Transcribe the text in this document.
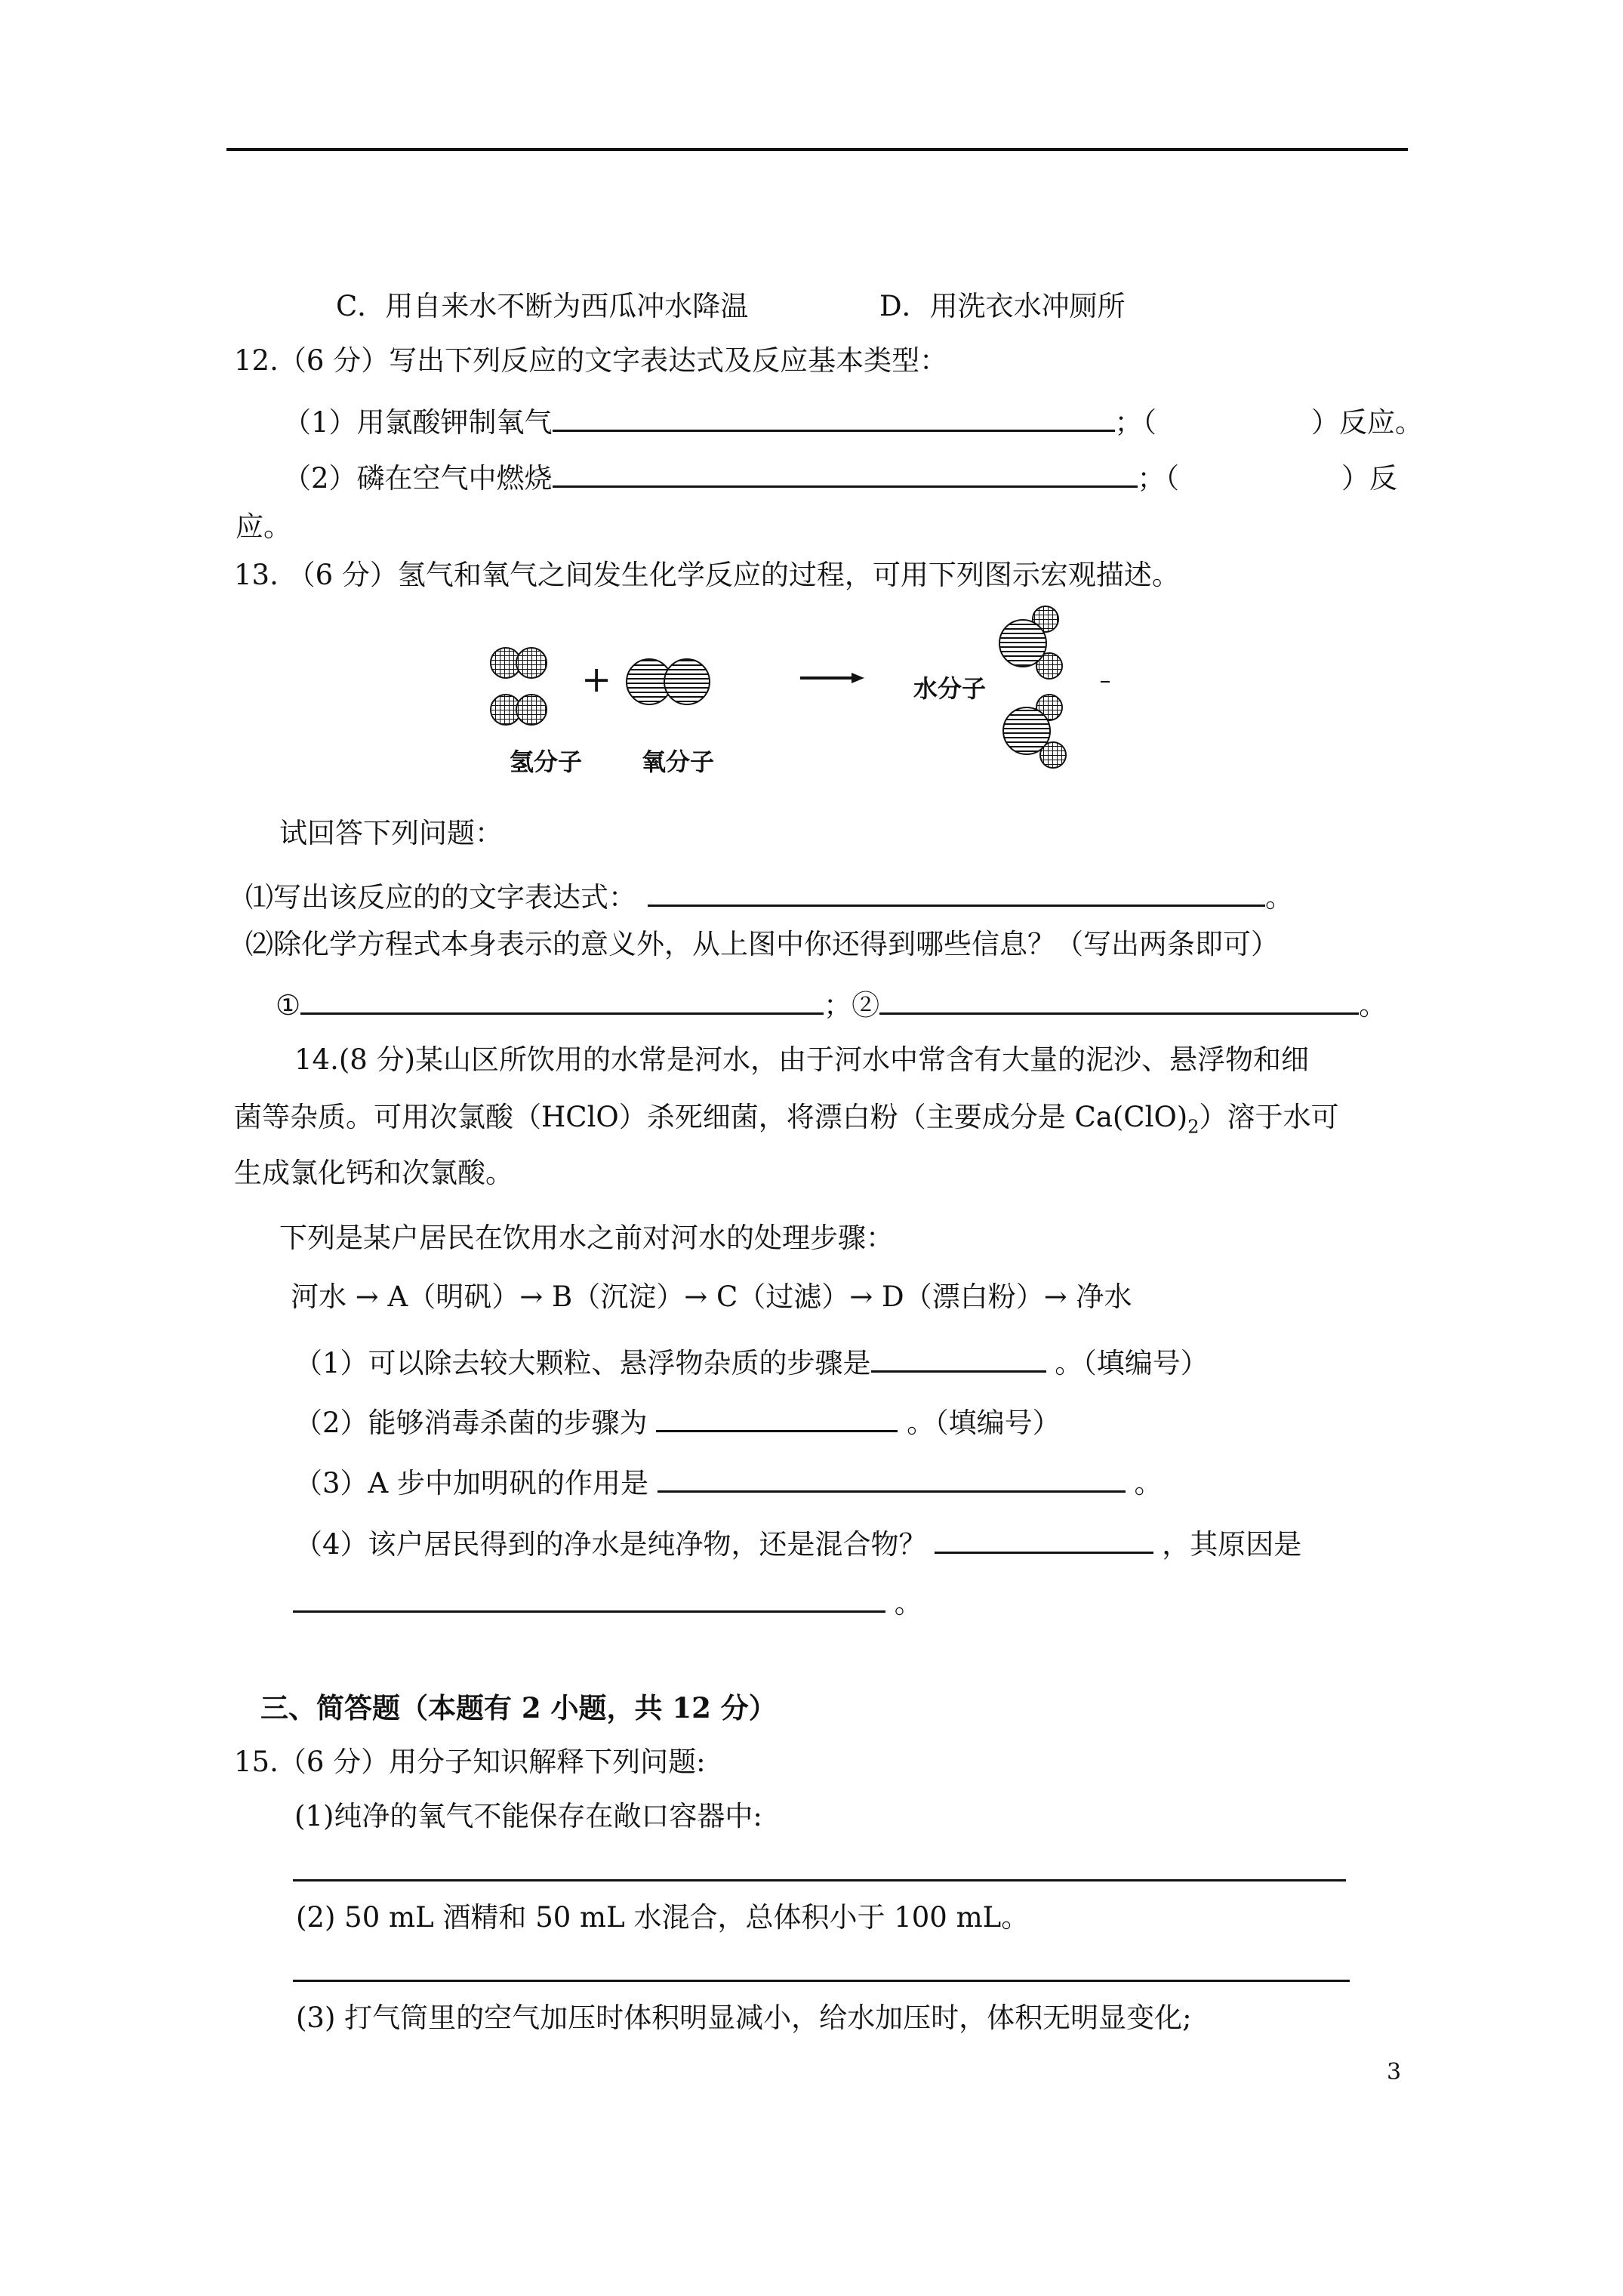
C．用自来水不断为西瓜冲水降温	D．用洗衣水冲厕所
12.（6 分）写出下列反应的文字表达式及反应基本类型：
（1）用氯酸钾制氧气	；（	）反应。
（2）磷在空气中燃烧	；（	）反
应。
13. （6 分）氢气和氧气之间发生化学反应的过程，可用下列图示宏观描述。
+
氢分子 氧分子
水分子
试回答下列问题：
⑴写出该反应的的文字表达式：	。
⑵除化学方程式本身表示的意义外，从上图中你还得到哪些信息？（写出两条即可）
①	；②	。
14.(8 分)某山区所饮用的水常是河水，由于河水中常含有大量的泥沙、悬浮物和细
菌等杂质。可用次氯酸（HClO）杀死细菌，将漂白粉（主要成分是 $Ca(ClO)_2$）溶于水可
生成氯化钙和次氯酸。
下列是某户居民在饮用水之前对河水的处理步骤：
河水 → A（明矾）→ B（沉淀）→ C（过滤）→ D（漂白粉）→ 净水
（1）可以除去较大颗粒、悬浮物杂质的步骤是	。（填编号）
（2）能够消毒杀菌的步骤为	。（填编号）
（3）A 步中加明矾的作用是	。
（4）该户居民得到的净水是纯净物，还是混合物？	，其原因是
。
三、简答题（本题有 2 小题，共 12 分）
15.（6 分）用分子知识解释下列问题:
(1)纯净的氧气不能保存在敞口容器中:
(2) 50 mL 酒精和 50 mL 水混合，总体积小于 100 mL。
(3) 打气筒里的空气加压时体积明显减小，给水加压时，体积无明显变化;
3
